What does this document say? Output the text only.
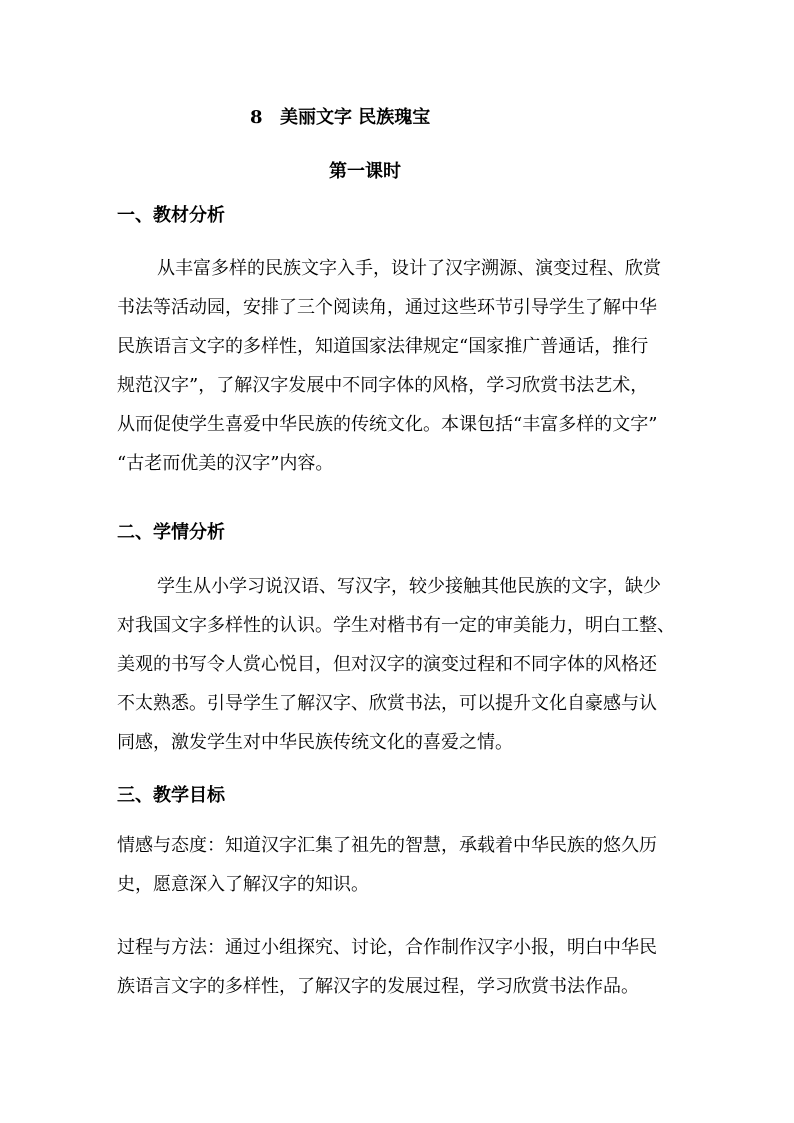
8 美丽文字 民族瑰宝
第一课时
一、教材分析
从丰富多样的民族文字入手，设计了汉字溯源、演变过程、欣赏
书法等活动园，安排了三个阅读角，通过这些环节引导学生了解中华
民族语言文字的多样性，知道国家法律规定“国家推广普通话，推行
规范汉字”，了解汉字发展中不同字体的风格，学习欣赏书法艺术，
从而促使学生喜爱中华民族的传统文化。本课包括“丰富多样的文字”
“古老而优美的汉字”内容。
二、学情分析
学生从小学习说汉语、写汉字，较少接触其他民族的文字，缺少
对我国文字多样性的认识。学生对楷书有一定的审美能力，明白工整、
美观的书写令人赏心悦目，但对汉字的演变过程和不同字体的风格还
不太熟悉。引导学生了解汉字、欣赏书法，可以提升文化自豪感与认
同感，激发学生对中华民族传统文化的喜爱之情。
三、教学目标
情感与态度：知道汉字汇集了祖先的智慧，承载着中华民族的悠久历
史，愿意深入了解汉字的知识。
过程与方法：通过小组探究、讨论，合作制作汉字小报，明白中华民
族语言文字的多样性，了解汉字的发展过程，学习欣赏书法作品。
